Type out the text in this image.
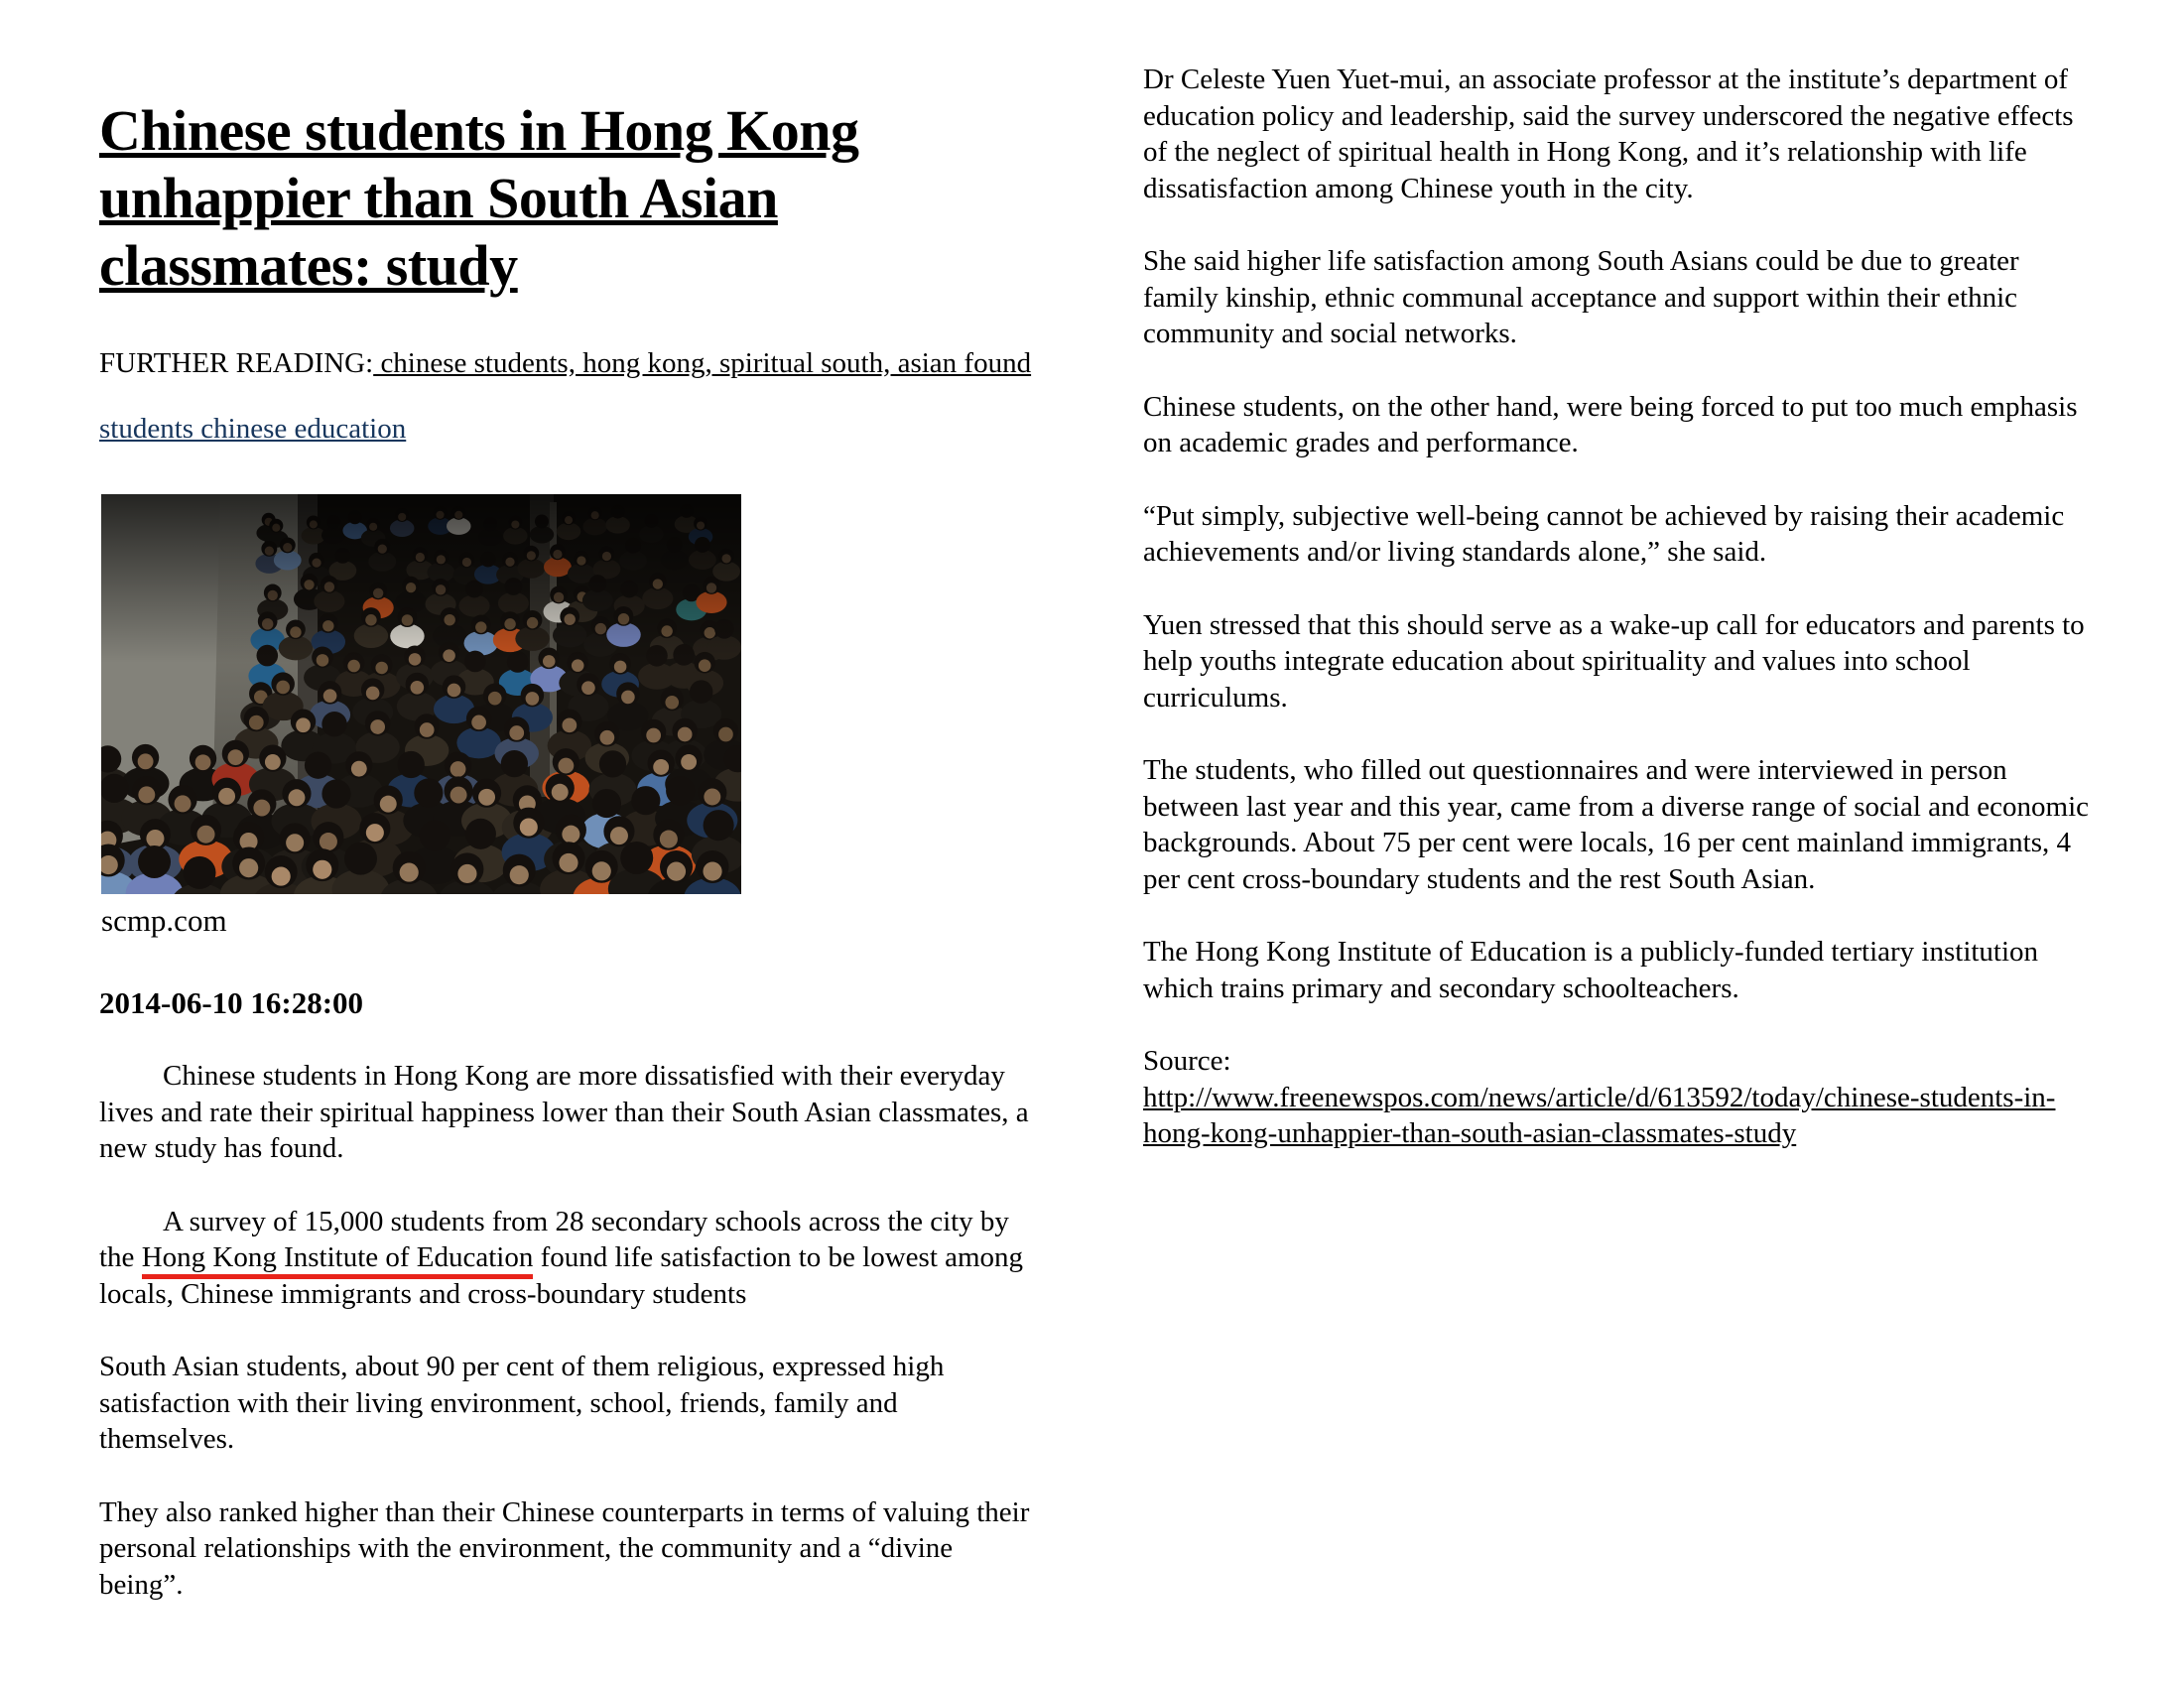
Chinese students in Hong Kong unhappier than South Asian classmates: study
FURTHER READING: chinese students, hong kong, spiritual south, asian found
students chinese education
scmp.com
2014-06-10 16:28:00

Chinese students in Hong Kong are more dissatisfied with their everyday lives and rate their spiritual happiness lower than their South Asian classmates, a new study has found.

A survey of 15,000 students from 28 secondary schools across the city by the Hong Kong Institute of Education found life satisfaction to be lowest among locals, Chinese immigrants and cross-boundary students

South Asian students, about 90 per cent of them religious, expressed high satisfaction with their living environment, school, friends, family and themselves.

They also ranked higher than their Chinese counterparts in terms of valuing their personal relationships with the environment, the community and a “divine being”.

Dr Celeste Yuen Yuet-mui, an associate professor at the institute’s department of education policy and leadership, said the survey underscored the negative effects of the neglect of spiritual health in Hong Kong, and it’s relationship with life dissatisfaction among Chinese youth in the city.

She said higher life satisfaction among South Asians could be due to greater family kinship, ethnic communal acceptance and support within their ethnic community and social networks.

Chinese students, on the other hand, were being forced to put too much emphasis on academic grades and performance.

“Put simply, subjective well-being cannot be achieved by raising their academic achievements and/or living standards alone,” she said.

Yuen stressed that this should serve as a wake-up call for educators and parents to help youths integrate education about spirituality and values into school curriculums.

The students, who filled out questionnaires and were interviewed in person between last year and this year, came from a diverse range of social and economic backgrounds. About 75 per cent were locals, 16 per cent mainland immigrants, 4 per cent cross-boundary students and the rest South Asian.

The Hong Kong Institute of Education is a publicly-funded tertiary institution which trains primary and secondary schoolteachers.

Source:
http://www.freenewspos.com/news/article/d/613592/today/chinese-students-in-hong-kong-unhappier-than-south-asian-classmates-study
